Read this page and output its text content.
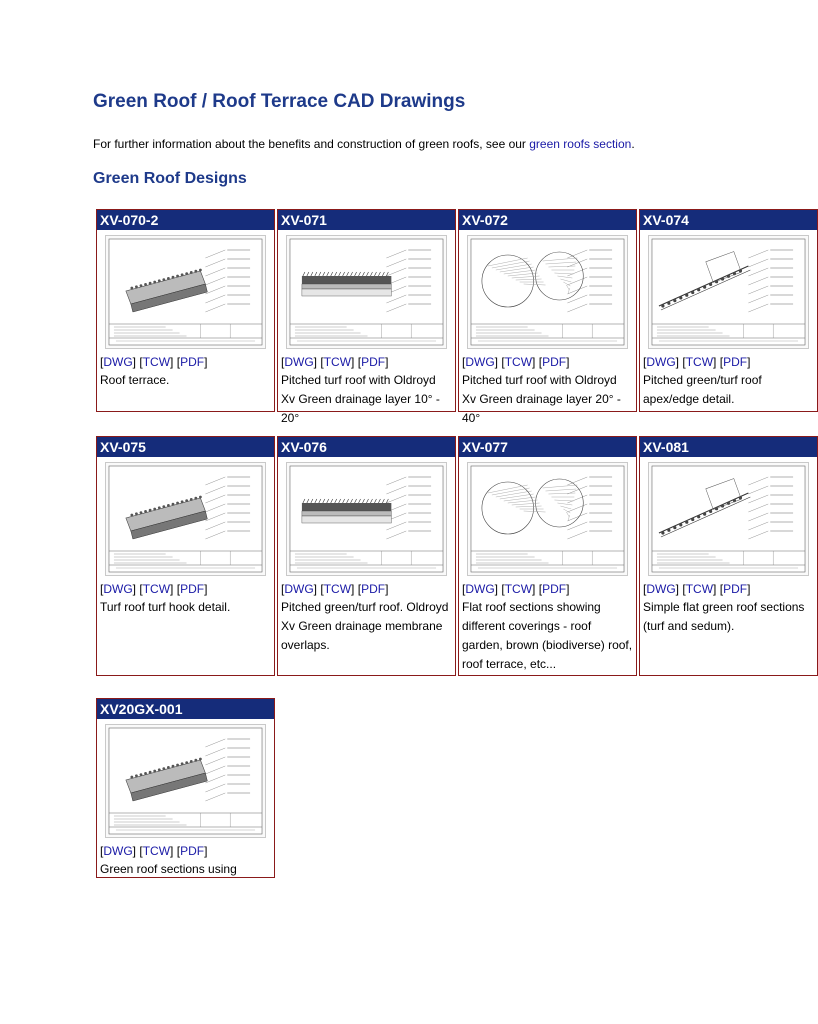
Green Roof / Roof Terrace CAD Drawings

For further information about the benefits and construction of green roofs, see our green roofs section.

Green Roof Designs
XV-070-2
[DWG] [TCW] [PDF]
Roof terrace.
XV-071
[DWG] [TCW] [PDF]
Pitched turf roof with Oldroyd Xv Green drainage layer 10° - 20°
XV-072
[DWG] [TCW] [PDF]
Pitched turf roof with Oldroyd Xv Green drainage layer 20° - 40°
XV-074
[DWG] [TCW] [PDF]
Pitched green/turf roof apex/edge detail.
XV-075
[DWG] [TCW] [PDF]
Turf roof turf hook detail.
XV-076
[DWG] [TCW] [PDF]
Pitched green/turf roof. Oldroyd Xv Green drainage membrane overlaps.
XV-077
[DWG] [TCW] [PDF]
Flat roof sections showing different coverings - roof garden, brown (biodiverse) roof, roof terrace, etc...
XV-081
[DWG] [TCW] [PDF]
Simple flat green roof sections (turf and sedum).
XV20GX-001
[DWG] [TCW] [PDF]
Green roof sections using
